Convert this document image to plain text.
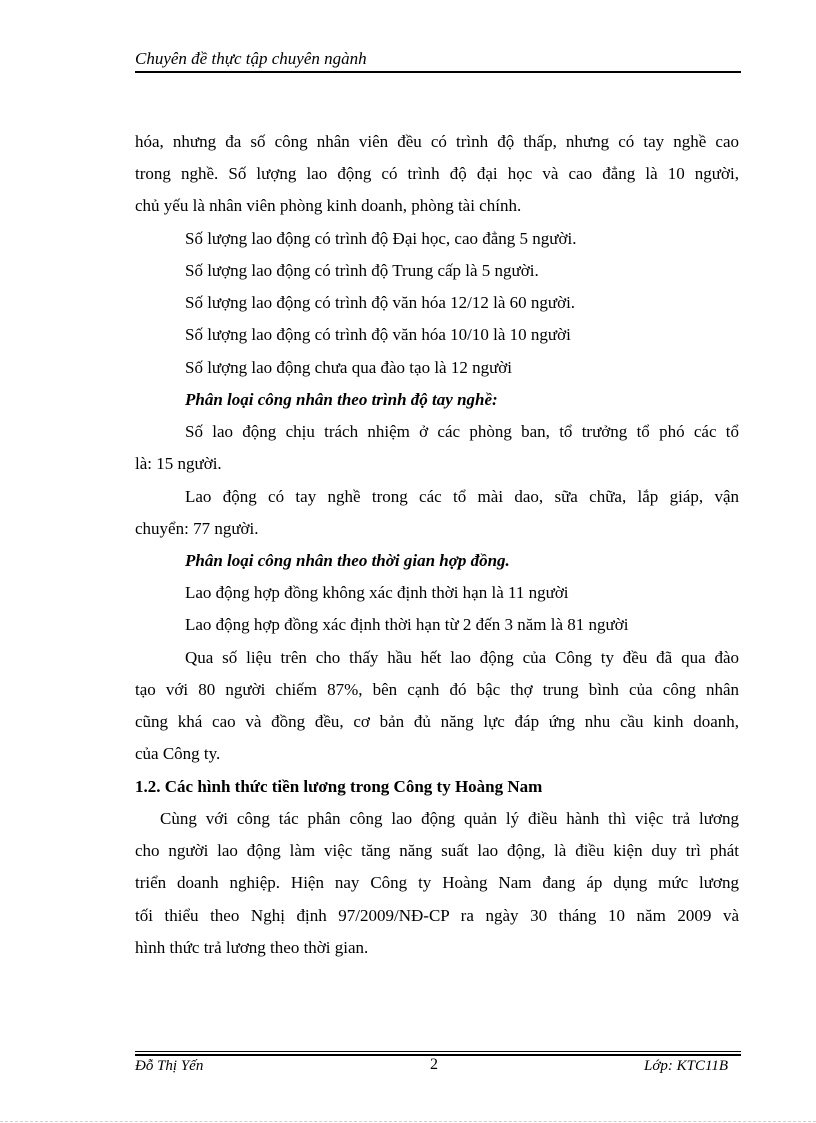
Chuyên đề thực tập chuyên ngành
hóa, nhưng đa số công nhân viên đều có trình độ thấp, nhưng có tay nghề cao
trong nghề. Số lượng lao động có trình độ đại học và cao đẳng là 10 người,
chủ yếu là nhân viên phòng kinh doanh, phòng tài chính.
Số lượng lao động có trình độ Đại học, cao đẳng 5 người.
Số lượng lao động có trình độ Trung cấp là 5 người.
Số lượng lao động có trình độ văn hóa 12/12 là 60 người.
Số lượng lao động có trình độ văn hóa 10/10 là 10 người
Số lượng lao động chưa qua đào tạo là 12 người
Phân loại công nhân theo trình độ tay nghề:
Số lao động chịu trách nhiệm ở các phòng ban, tổ trưởng tổ phó các tổ
là: 15 người.
Lao động có tay nghề trong các tổ mài dao, sữa chữa, lắp giáp, vận
chuyển: 77 người.
Phân loại công nhân theo thời gian hợp đồng.
Lao động hợp đồng không xác định thời hạn là 11 người
Lao động hợp đồng xác định thời hạn từ 2 đến 3 năm là 81 người
Qua số liệu trên cho thấy hầu hết lao động của Công ty đều đã qua đào
tạo với 80 người chiếm 87%, bên cạnh đó bậc thợ trung bình của công nhân
cũng khá cao và đồng đều, cơ bản đủ năng lực đáp ứng nhu cầu kinh doanh,
của Công ty.
1.2. Các hình thức tiền lương trong Công ty Hoàng Nam
Cùng với công tác phân công lao động quản lý điều hành thì việc trả lương
cho người lao động làm việc tăng năng suất lao động, là điều kiện duy trì phát
triển doanh nghiệp. Hiện nay Công ty Hoàng Nam đang áp dụng mức lương
tối thiểu theo Nghị định 97/2009/NĐ-CP ra ngày 30 tháng 10 năm 2009 và
hình thức trả lương theo thời gian.
Đỗ Thị Yến	2	Lớp: KTC11B
